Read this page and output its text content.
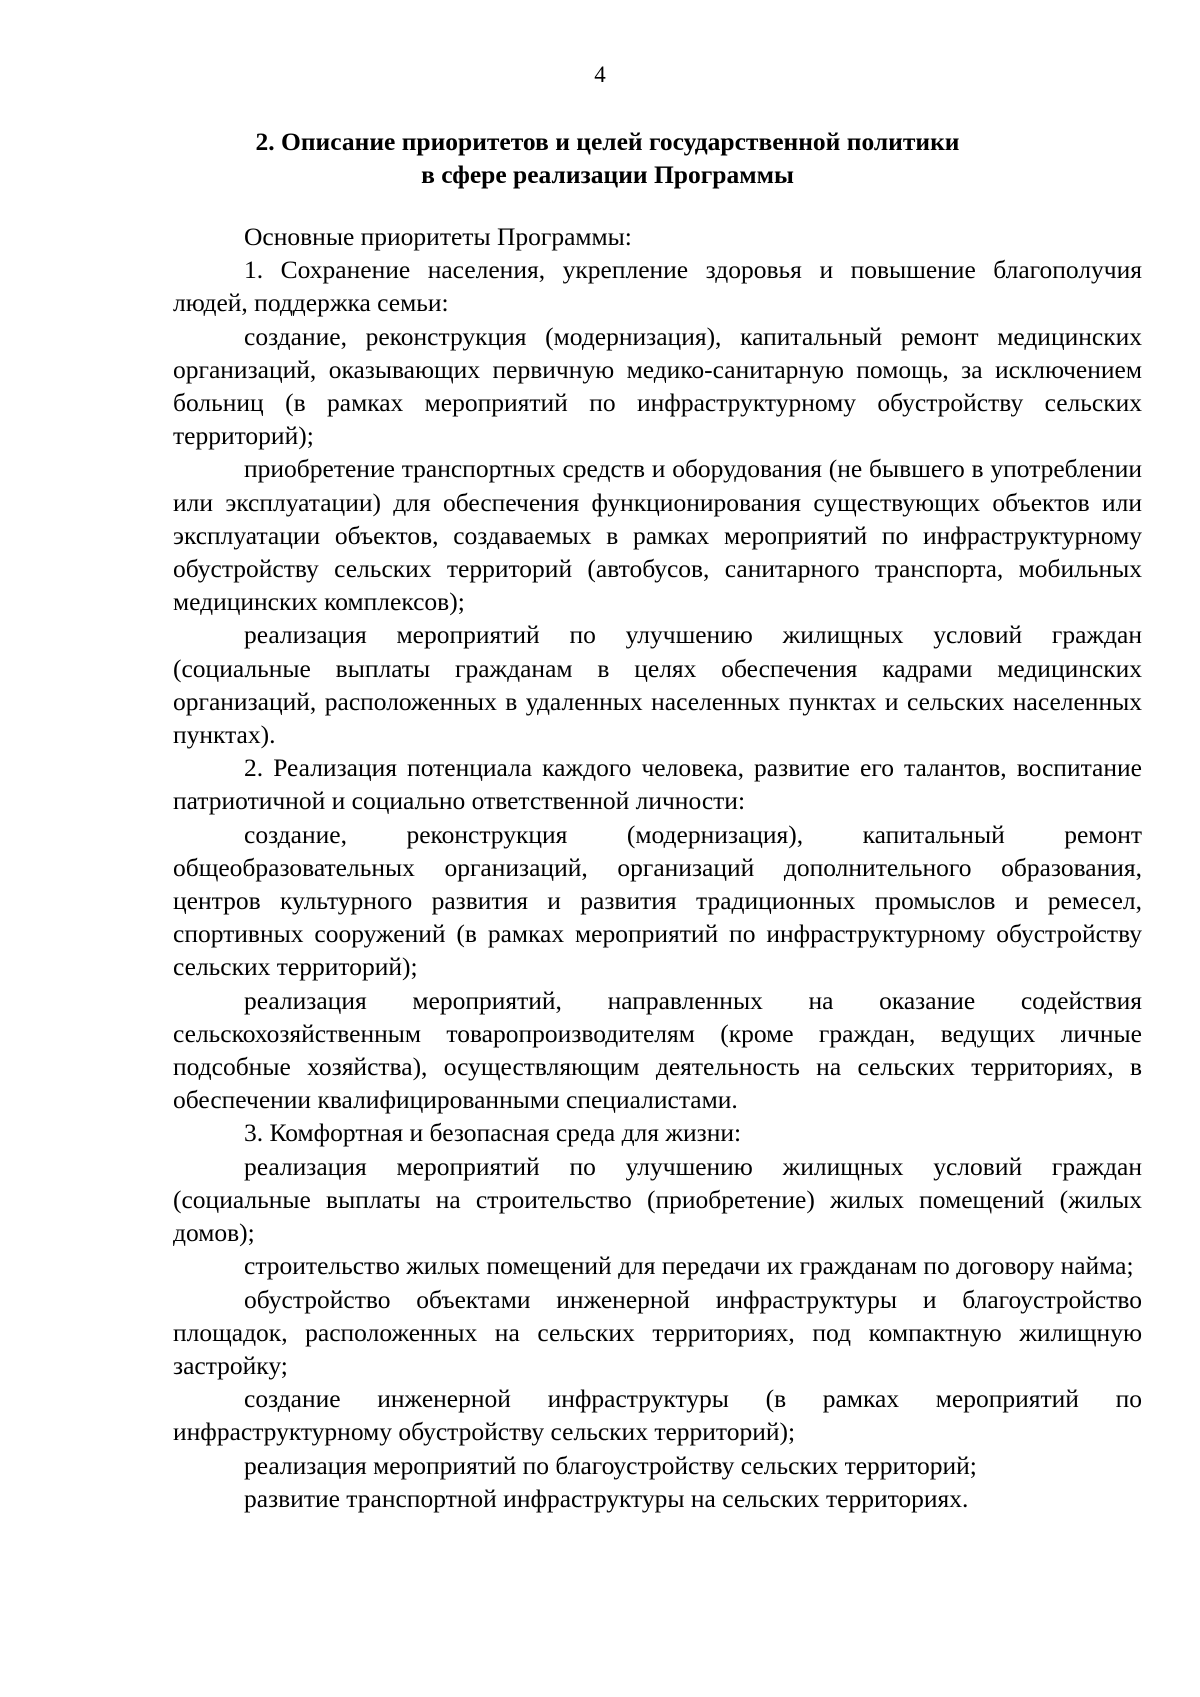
4
2. Описание приоритетов и целей государственной политики
в сфере реализации Программы

Основные приоритеты Программы:

1. Сохранение населения, укрепление здоровья и повышение благополучия людей, поддержка семьи:

создание, реконструкция (модернизация), капитальный ремонт медицинских организаций, оказывающих первичную медико-санитарную помощь, за исключением больниц (в рамках мероприятий по инфраструктурному обустройству сельских территорий);

приобретение транспортных средств и оборудования (не бывшего в употреблении или эксплуатации) для обеспечения функционирования существующих объектов или эксплуатации объектов, создаваемых в рамках мероприятий по инфраструктурному обустройству сельских территорий (автобусов, санитарного транспорта, мобильных медицинских комплексов);

реализация мероприятий по улучшению жилищных условий граждан (социальные выплаты гражданам в целях обеспечения кадрами медицинских организаций, расположенных в удаленных населенных пунктах и сельских населенных пунктах).

2. Реализация потенциала каждого человека, развитие его талантов, воспитание патриотичной и социально ответственной личности:

создание, реконструкция (модернизация), капитальный ремонт общеобразовательных организаций, организаций дополнительного образования, центров культурного развития и развития традиционных промыслов и ремесел, спортивных сооружений (в рамках мероприятий по инфраструктурному обустройству сельских территорий);

реализация мероприятий, направленных на оказание содействия сельскохозяйственным товаропроизводителям (кроме граждан, ведущих личные подсобные хозяйства), осуществляющим деятельность на сельских территориях, в обеспечении квалифицированными специалистами.

3. Комфортная и безопасная среда для жизни:

реализация мероприятий по улучшению жилищных условий граждан (социальные выплаты на строительство (приобретение) жилых помещений (жилых домов);

строительство жилых помещений для передачи их гражданам по договору найма;

обустройство объектами инженерной инфраструктуры и благоустройство площадок, расположенных на сельских территориях, под компактную жилищную застройку;

создание инженерной инфраструктуры (в рамках мероприятий по инфраструктурному обустройству сельских территорий);

реализация мероприятий по благоустройству сельских территорий;

развитие транспортной инфраструктуры на сельских территориях.
